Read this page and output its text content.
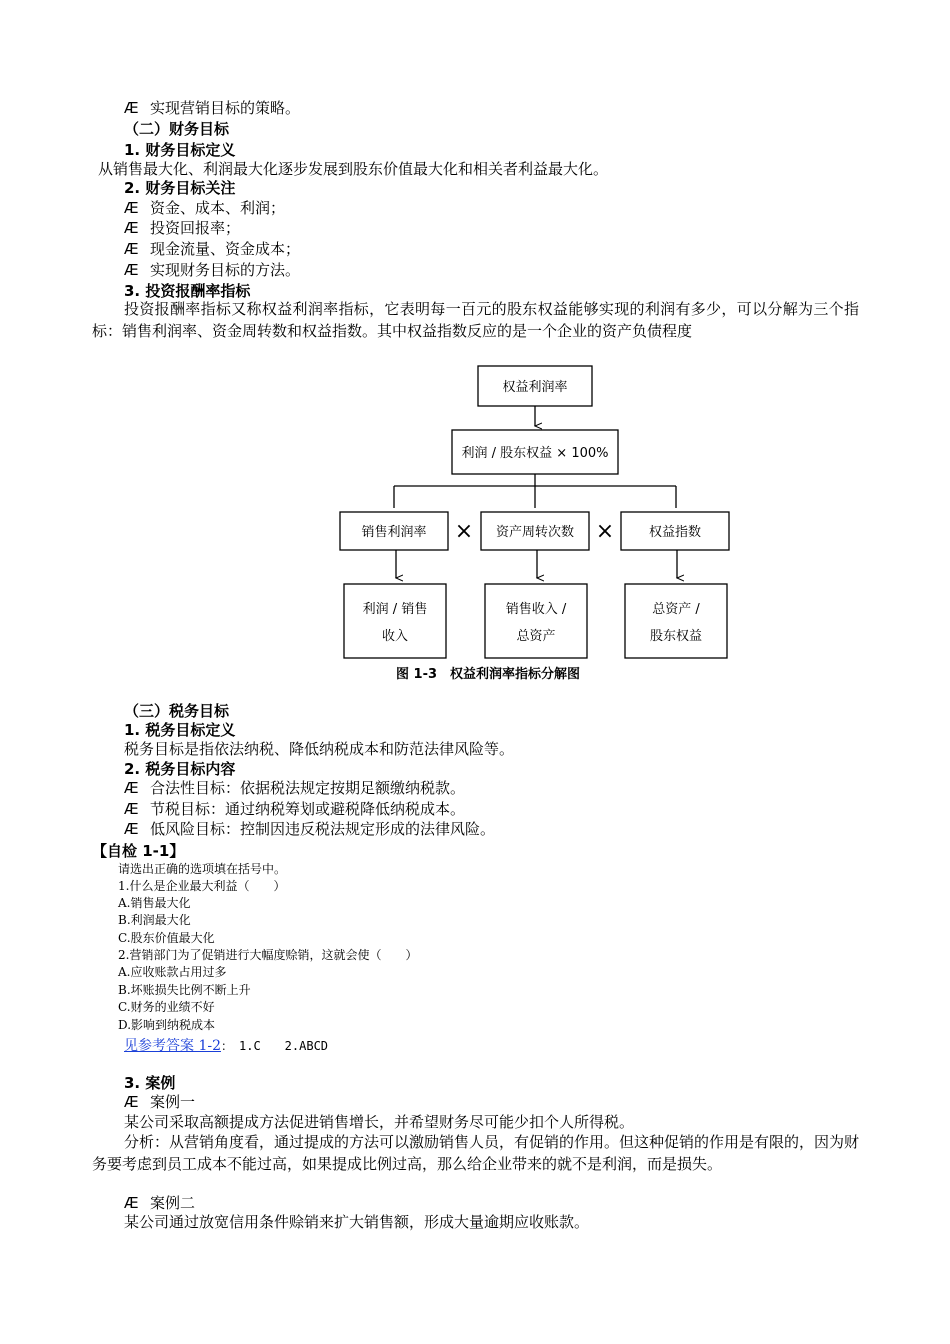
Æ 实现营销目标的策略。
（二）财务目标
1. 财务目标定义
从销售最大化、利润最大化逐步发展到股东价值最大化和相关者利益最大化。
2. 财务目标关注
Æ 资金、成本、利润；
Æ 投资回报率；
Æ 现金流量、资金成本；
Æ 实现财务目标的方法。
3. 投资报酬率指标
投资报酬率指标又称权益利润率指标，它表明每一百元的股东权益能够实现的利润有多少，可以分解为三个指标：销售利润率、资金周转数和权益指数。其中权益指数反应的是一个企业的资产负债程度
权益利润率
利润 / 股东权益 × 100%
销售利润率	资产周转次数	权益指数
×	×
利润 / 销售
收入
销售收入 /
总资产
总资产 /
股东权益
图 1-3　权益利润率指标分解图
（三）税务目标
1. 税务目标定义
税务目标是指依法纳税、降低纳税成本和防范法律风险等。
2. 税务目标内容
Æ 合法性目标：依据税法规定按期足额缴纳税款。
Æ 节税目标：通过纳税筹划或避税降低纳税成本。
Æ 低风险目标：控制因违反税法规定形成的法律风险。
【自检 1-1】
请选出正确的选项填在括号中。
1.什么是企业最大利益（　　）
A.销售最大化
B.利润最大化
C.股东价值最大化
2.营销部门为了促销进行大幅度赊销，这就会使（　　）
A.应收账款占用过多
B.坏账损失比例不断上升
C.财务的业绩不好
D.影响到纳税成本
见参考答案 1-2：　1.C　　2.ABCD
3. 案例
Æ 案例一
某公司采取高额提成方法促进销售增长，并希望财务尽可能少扣个人所得税。
分析：从营销角度看，通过提成的方法可以激励销售人员，有促销的作用。但这种促销的作用是有限的，因为财务要考虑到员工成本不能过高，如果提成比例过高，那么给企业带来的就不是利润，而是损失。
Æ 案例二
某公司通过放宽信用条件赊销来扩大销售额，形成大量逾期应收账款。
